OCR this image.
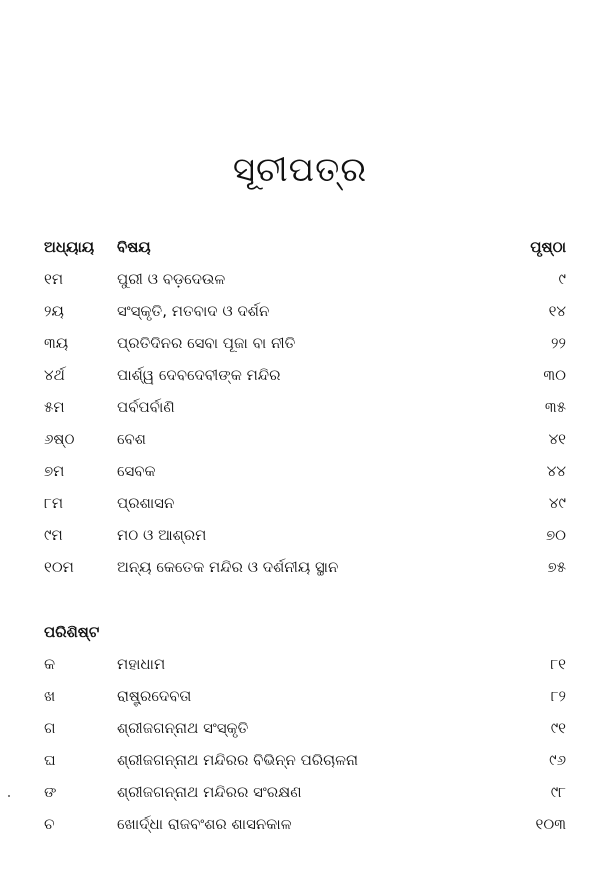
ସୂଚୀପତ୍ର
ଅଧ୍ୟାୟ	ବିଷୟ	ପୃଷ୍ଠା
୧ମ	ପୁରୀ ଓ ବଡ଼ଦେଉଳ	୯
୨ୟ	ସଂସ୍କୃତି, ମତବାଦ ଓ ଦର୍ଶନ	୧୪
୩ୟ	ପ୍ରତିଦିନର ସେବା ପୂଜା ବା ନୀତି	୨୨
୪ର୍ଥ	ପାର୍ଶ୍ୱ ଦେବଦେବୀଙ୍କ ମନ୍ଦିର	୩୦
୫ମ	ପର୍ବପର୍ବାଣି	୩୫
୬ଷ୍ଠ	ବେଶ	୪୧
୭ମ	ସେବକ	୪୪
୮ମ	ପ୍ରଶାସନ	୪୯
୯ମ	ମଠ ଓ ଆଶ୍ରମ	୭୦
୧୦ମ	ଅନ୍ୟ କେତେକ ମନ୍ଦିର ଓ ଦର୍ଶନୀୟ ସ୍ଥାନ	୭୫
ପରିଶିଷ୍ଟ
କ	ମହାଧାମ	୮୧
ଖ	ରାଷ୍ଟ୍ରଦେବତା	୮୨
ଗ	ଶ୍ରୀଜଗନ୍ନାଥ ସଂସ୍କୃତି	୯୧
ଘ	ଶ୍ରୀଜଗନ୍ନାଥ ମନ୍ଦିରର ବିଭିନ୍ନ ପରିଚାଳନା	୯୬
ଙ	ଶ୍ରୀଜଗନ୍ନାଥ ମନ୍ଦିରର ସଂରକ୍ଷଣ	୯୮
ଚ	ଖୋର୍ଦ୍ଧା ରାଜବଂଶର ଶାସନକାଳ	୧୦୩
